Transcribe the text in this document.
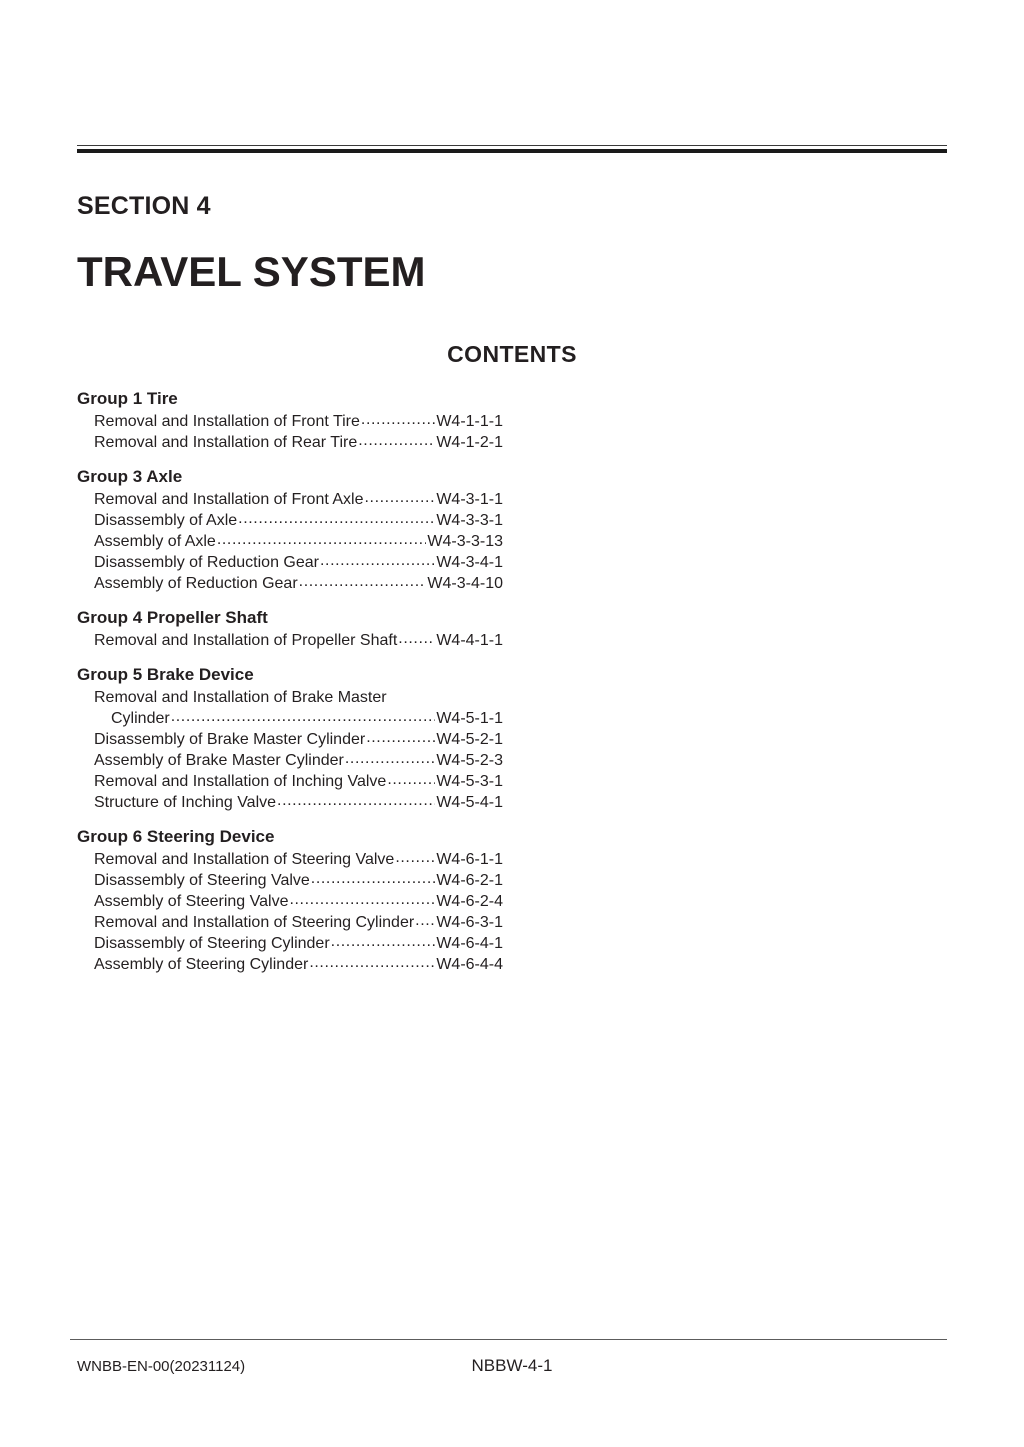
SECTION 4
TRAVEL SYSTEM
CONTENTS
Group 1 Tire
Removal and Installation of Front Tire .....	W4-1-1-1
Removal and Installation of Rear Tire .....	W4-1-2-1
Group 3 Axle
Removal and Installation of Front Axle .....	W4-3-1-1
Disassembly of Axle .....	W4-3-3-1
Assembly of Axle .....	W4-3-3-13
Disassembly of Reduction Gear .....	W4-3-4-1
Assembly of Reduction Gear .....	W4-3-4-10
Group 4 Propeller Shaft
Removal and Installation of Propeller Shaft ..... W4-4-1-1
Group 5 Brake Device
Removal and Installation of Brake Master
Cylinder .....	W4-5-1-1
Disassembly of Brake Master Cylinder .....	W4-5-2-1
Assembly of Brake Master Cylinder .....	W4-5-2-3
Removal and Installation of Inching Valve .....	W4-5-3-1
Structure of Inching Valve .....	W4-5-4-1
Group 6 Steering Device
Removal and Installation of Steering Valve .....	W4-6-1-1
Disassembly of Steering Valve .....	W4-6-2-1
Assembly of Steering Valve .....	W4-6-2-4
Removal and Installation of Steering Cylinder ..... W4-6-3-1
Disassembly of Steering Cylinder .....	W4-6-4-1
Assembly of Steering Cylinder .....	W4-6-4-4
WNBB-EN-00(20231124)	NBBW-4-1
